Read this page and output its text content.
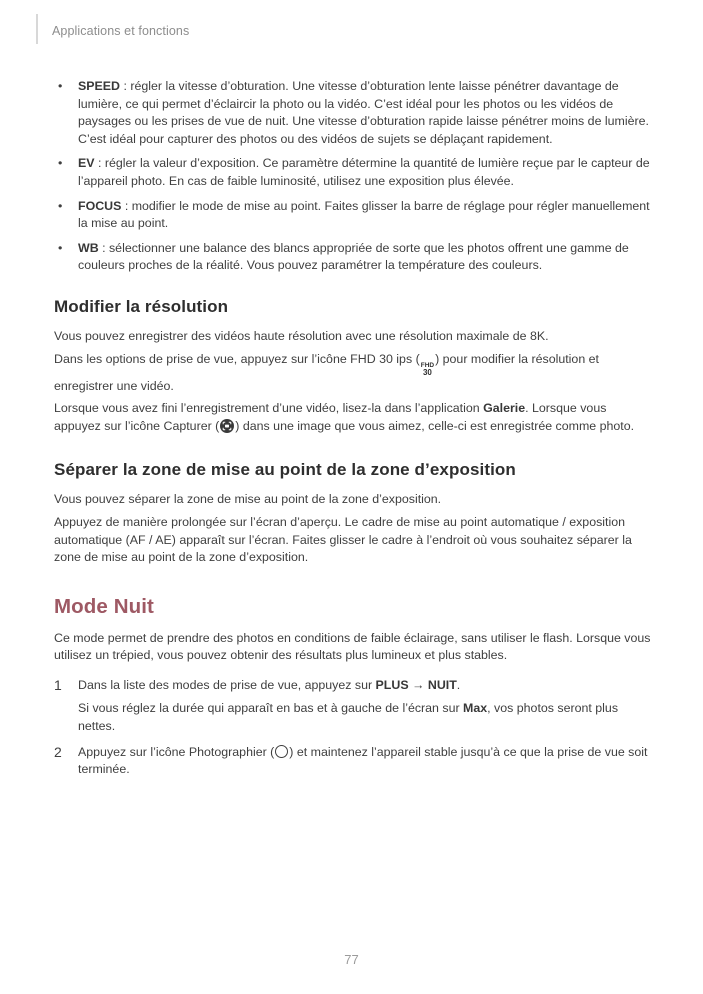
Applications et fonctions
•	SPEED : régler la vitesse d’obturation. Une vitesse d’obturation lente laisse pénétrer davantage de lumière, ce qui permet d’éclaircir la photo ou la vidéo. C’est idéal pour les photos ou les vidéos de paysages ou les prises de vue de nuit. Une vitesse d’obturation rapide laisse pénétrer moins de lumière. C’est idéal pour capturer des photos ou des vidéos de sujets se déplaçant rapidement.
•	EV : régler la valeur d’exposition. Ce paramètre détermine la quantité de lumière reçue par le capteur de l’appareil photo. En cas de faible luminosité, utilisez une exposition plus élevée.
•	FOCUS : modifier le mode de mise au point. Faites glisser la barre de réglage pour régler manuellement la mise au point.
•	WB : sélectionner une balance des blancs appropriée de sorte que les photos offrent une gamme de couleurs proches de la réalité. Vous pouvez paramétrer la température des couleurs.
Modifier la résolution

Vous pouvez enregistrer des vidéos haute résolution avec une résolution maximale de 8K.

Dans les options de prise de vue, appuyez sur l’icône FHD 30 ips ( FHD
30
) pour modifier la résolution et enregistrer une vidéo.

Lorsque vous avez fini l’enregistrement d’une vidéo, lisez-la dans l’application Galerie. Lorsque vous appuyez sur l’icône Capturer ( ) dans une image que vous aimez, celle-ci est enregistrée comme photo.

Séparer la zone de mise au point de la zone d’exposition

Vous pouvez séparer la zone de mise au point de la zone d’exposition.

Appuyez de manière prolongée sur l’écran d’aperçu. Le cadre de mise au point automatique / exposition automatique (AF / AE) apparaît sur l’écran. Faites glisser le cadre à l’endroit où vous souhaitez séparer la zone de mise au point de la zone d’exposition.

Mode Nuit

Ce mode permet de prendre des photos en conditions de faible éclairage, sans utiliser le flash. Lorsque vous utilisez un trépied, vous pouvez obtenir des résultats plus lumineux et plus stables.

1	Dans la liste des modes de prise de vue, appuyez sur PLUS → NUIT.
Si vous réglez la durée qui apparaît en bas et à gauche de l’écran sur Max, vos photos seront plus nettes.
2	Appuyez sur l’icône Photographier ( ) et maintenez l’appareil stable jusqu’à ce que la prise de vue soit terminée.
77
